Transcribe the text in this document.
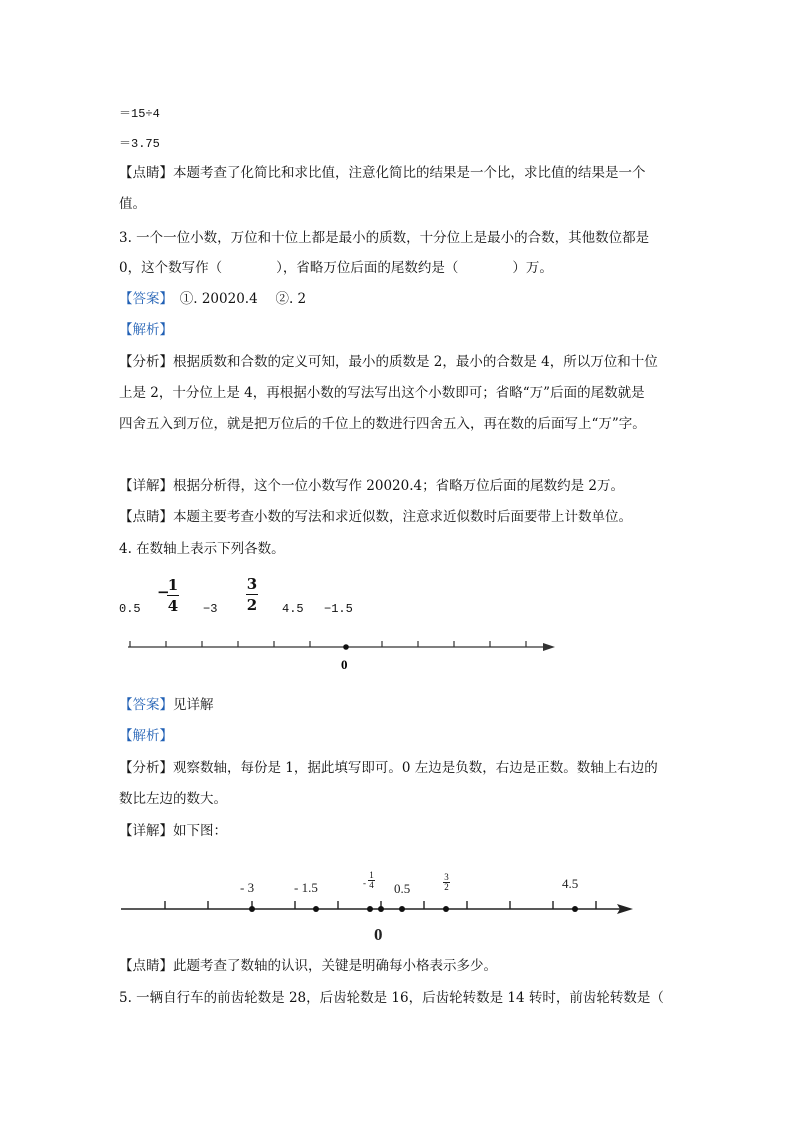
＝15÷4
＝3.75
【点睛】本题考查了化简比和求比值，注意化简比的结果是一个比，求比值的结果是一个
值。
3. 一个一位小数，万位和十位上都是最小的质数，十分位上是最小的合数，其他数位都是
0，这个数写作（　　　　），省略万位后面的尾数约是（　　　　）万。
【答案】　①. 20020.4　 ②. 2
【解析】
【分析】根据质数和合数的定义可知，最小的质数是 2，最小的合数是 4，所以万位和十位
上是 2，十分位上是 4，再根据小数的写法写出这个小数即可；省略“万”后面的尾数就是
四舍五入到万位，就是把万位后的千位上的数进行四舍五入，再在数的后面写上“万”字。
【详解】根据分析得，这个一位小数写作 20020.4；省略万位后面的尾数约是 2万。
【点睛】本题主要考查小数的写法和求近似数，注意求近似数时后面要带上计数单位。
4. 在数轴上表示下列各数。
0.5
−
1
4 −3
3
2 4.5 −1.5
0
【答案】见详解
【解析】
【分析】观察数轴，每份是 1，据此填写即可。0 左边是负数，右边是正数。数轴上右边的
数比左边的数大。
【详解】如下图：
- 3	- 1.5	0.5	4.5
0
-
1
4
3
2
【点睛】此题考查了数轴的认识，关键是明确每小格表示多少。
5. 一辆自行车的前齿轮数是 28，后齿轮数是 16，后齿轮转数是 14 转时，前齿轮转数是（
